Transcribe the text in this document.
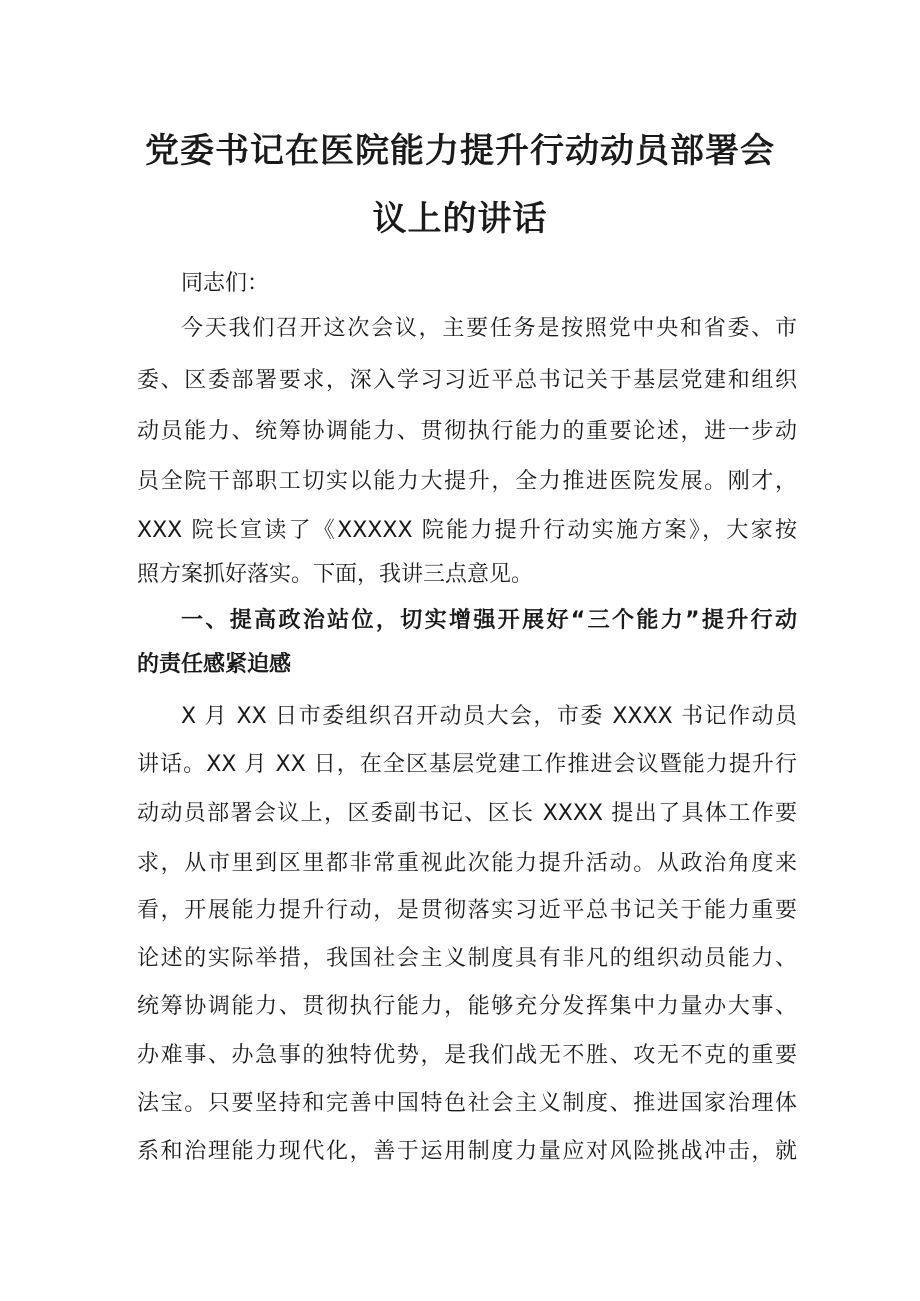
党委书记在医院能力提升行动动员部署会
议上的讲话

同志们：

今天我们召开这次会议，主要任务是按照党中央和省委、市

委、区委部署要求，深入学习习近平总书记关于基层党建和组织

动员能力、统筹协调能力、贯彻执行能力的重要论述，进一步动

员全院干部职工切实以能力大提升，全力推进医院发展。刚才，

XXX 院长宣读了《XXXXX 院能力提升行动实施方案》，大家按

照方案抓好落实。下面，我讲三点意见。

一、提高政治站位，切实增强开展好“三个能力”提升行动

的责任感紧迫感

X 月 XX 日市委组织召开动员大会，市委 XXXX 书记作动员

讲话。XX 月 XX 日，在全区基层党建工作推进会议暨能力提升行

动动员部署会议上，区委副书记、区长 XXXX 提出了具体工作要

求，从市里到区里都非常重视此次能力提升活动。从政治角度来

看，开展能力提升行动，是贯彻落实习近平总书记关于能力重要

论述的实际举措，我国社会主义制度具有非凡的组织动员能力、

统筹协调能力、贯彻执行能力，能够充分发挥集中力量办大事、

办难事、办急事的独特优势，是我们战无不胜、攻无不克的重要

法宝。只要坚持和完善中国特色社会主义制度、推进国家治理体

系和治理能力现代化，善于运用制度力量应对风险挑战冲击，就
